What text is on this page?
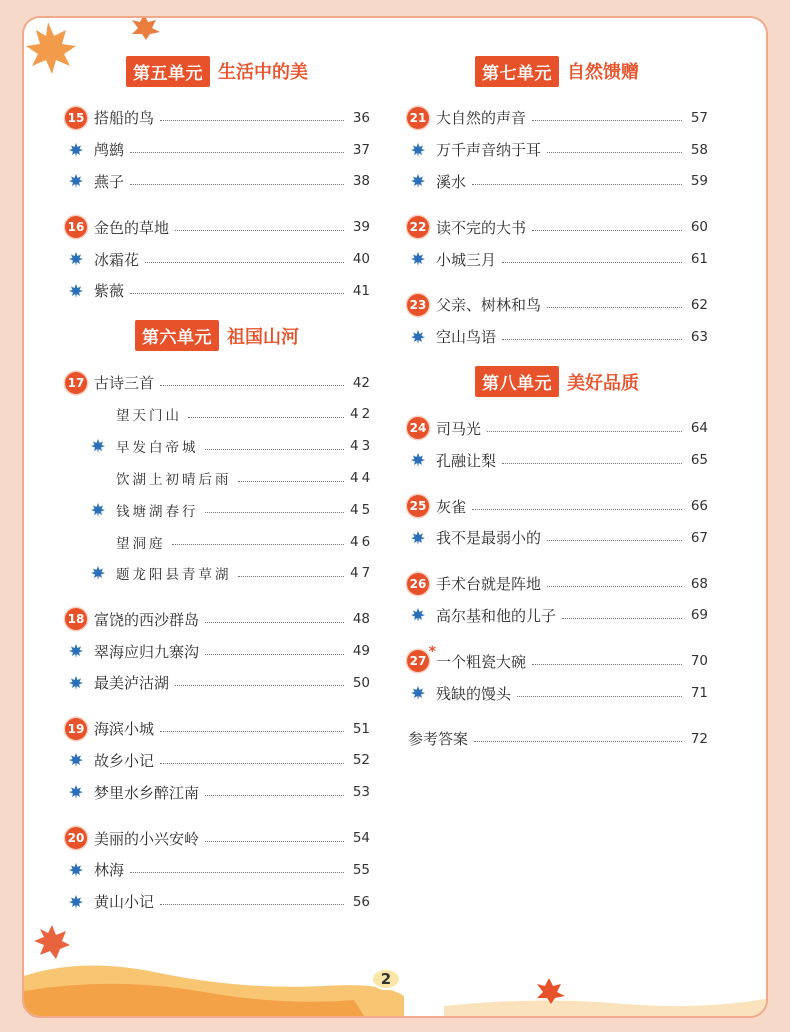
第五单元 生活中的美
15 搭船的鸟	36
鸬鹚	37
燕子	38
16 金色的草地	39
冰霜花	40
紫薇	41
第六单元 祖国山河
17 古诗三首	42
望天门山	42
早发白帝城	43
饮湖上初晴后雨	44
钱塘湖春行	45
望洞庭	46
题龙阳县青草湖	47
18 富饶的西沙群岛	48
翠海应归九寨沟	49
最美泸沽湖	50
19 海滨小城	51
故乡小记	52
梦里水乡醉江南	53
20 美丽的小兴安岭	54
林海	55
黄山小记	56
第七单元 自然馈赠
21 大自然的声音	57
万千声音纳于耳	58
溪水	59
22 读不完的大书	60
小城三月	61
23 父亲、树林和鸟	62
空山鸟语	63
第八单元 美好品质
24 司马光	64
孔融让梨	65
25 灰雀	66
我不是最弱小的	67
26 手术台就是阵地	68
高尔基和他的儿子	69
27
*
一个粗瓷大碗	70
残缺的馒头	71
参考答案	72
2
